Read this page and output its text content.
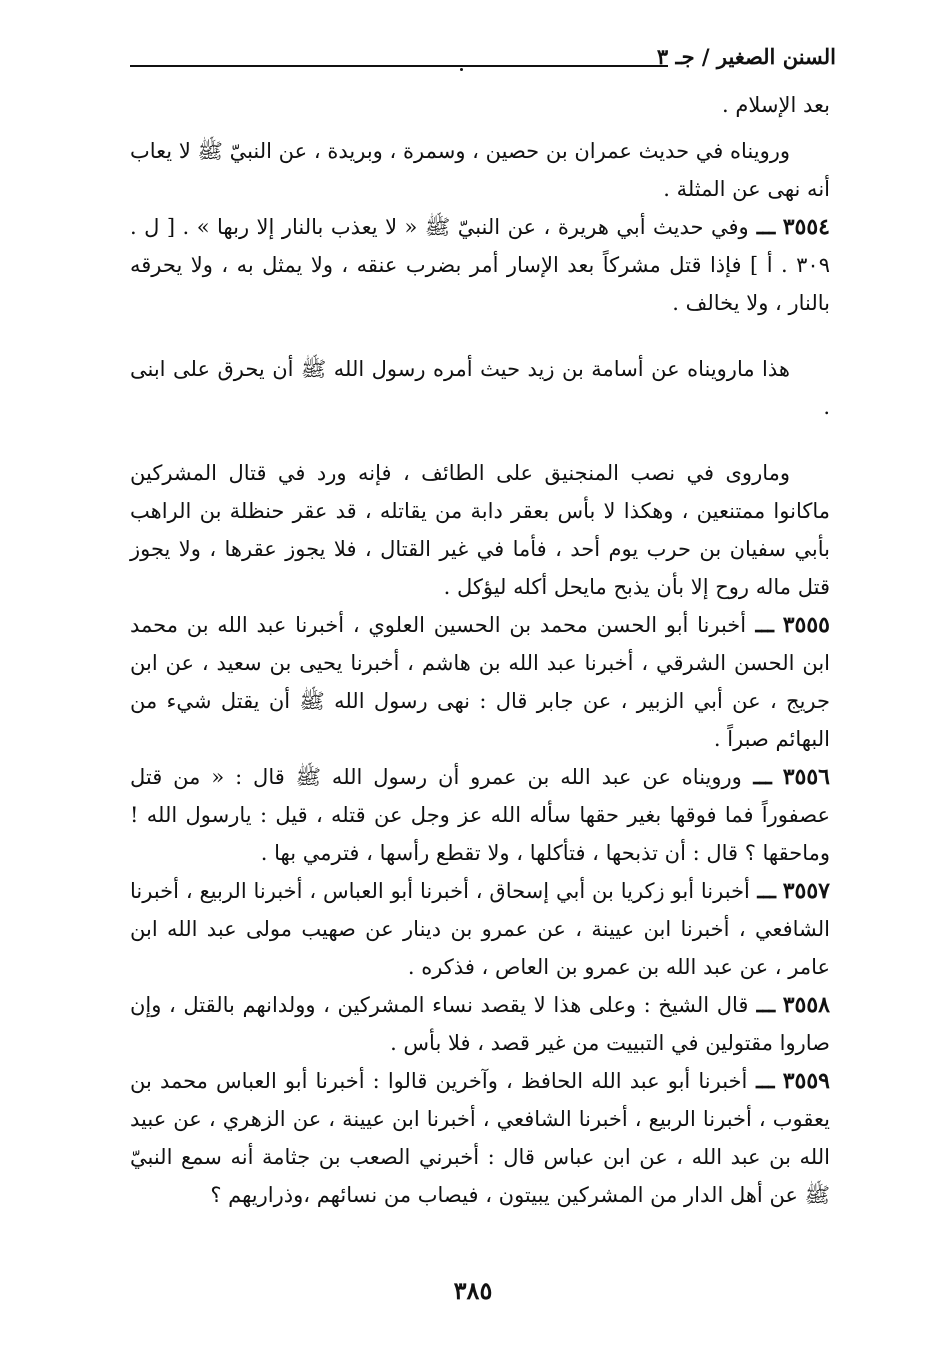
السنن الصغير / جـ ٣

بعد الإسلام .

ورويناه في حديث عمران بن حصين ، وسمرة ، وبريدة ، عن النبيّ ﷺ لا يعاب أنه نهى عن المثلة .

٣٥٥٤ ـــ وفي حديث أبي هريرة ، عن النبيّ ﷺ « لا يعذب بالنار إلا ربها » . [ ل . ٣٠٩ . أ ] فإذا قتل مشركاً بعد الإسار أمر بضرب عنقه ، ولا يمثل به ، ولا يحرقه بالنار ، ولا يخالف .

هذا مارويناه عن أسامة بن زيد حيث أمره رسول الله ﷺ أن يحرق على ابنى .

وماروى في نصب المنجنيق على الطائف ، فإنه ورد في قتال المشركين ماكانوا ممتنعين ، وهكذا لا بأس بعقر دابة من يقاتله ، قد عقر حنظلة بن الراهب بأبي سفيان بن حرب يوم أحد ، فأما في غير القتال ، فلا يجوز عقرها ، ولا يجوز قتل ماله روح إلا بأن يذبح مايحل أكله ليؤكل .

٣٥٥٥ ـــ أخبرنا أبو الحسن محمد بن الحسين العلوي ، أخبرنا عبد الله بن محمد ابن الحسن الشرقي ، أخبرنا عبد الله بن هاشم ، أخبرنا يحيى بن سعيد ، عن ابن جريج ، عن أبي الزبير ، عن جابر قال : نهى رسول الله ﷺ أن يقتل شيء من البهائم صبراً .

٣٥٥٦ ـــ ورويناه عن عبد الله بن عمرو أن رسول الله ﷺ قال : « من قتل عصفوراً فما فوقها بغير حقها سأله الله عز وجل عن قتله ، قيل : يارسول الله ! وماحقها ؟ قال : أن تذبحها ، فتأكلها ، ولا تقطع رأسها ، فترمي بها .

٣٥٥٧ ـــ أخبرنا أبو زكريا بن أبي إسحاق ، أخبرنا أبو العباس ، أخبرنا الربيع ، أخبرنا الشافعي ، أخبرنا ابن عيينة ، عن عمرو بن دينار عن صهيب مولى عبد الله ابن عامر ، عن عبد الله بن عمرو بن العاص ، فذكره .

٣٥٥٨ ـــ قال الشيخ : وعلى هذا لا يقصد نساء المشركين ، وولدانهم بالقتل ، وإن صاروا مقتولين في التبييت من غير قصد ، فلا بأس .

٣٥٥٩ ـــ أخبرنا أبو عبد الله الحافظ ، وآخرين قالوا : أخبرنا أبو العباس محمد بن يعقوب ، أخبرنا الربيع ، أخبرنا الشافعي ، أخبرنا ابن عيينة ، عن الزهري ، عن عبيد الله بن عبد الله ، عن ابن عباس قال : أخبرني الصعب بن جثامة أنه سمع النبيّ ﷺ عن أهل الدار من المشركين يبيتون ، فيصاب من نسائهم ،وذراريهم ؟

٣٨٥
